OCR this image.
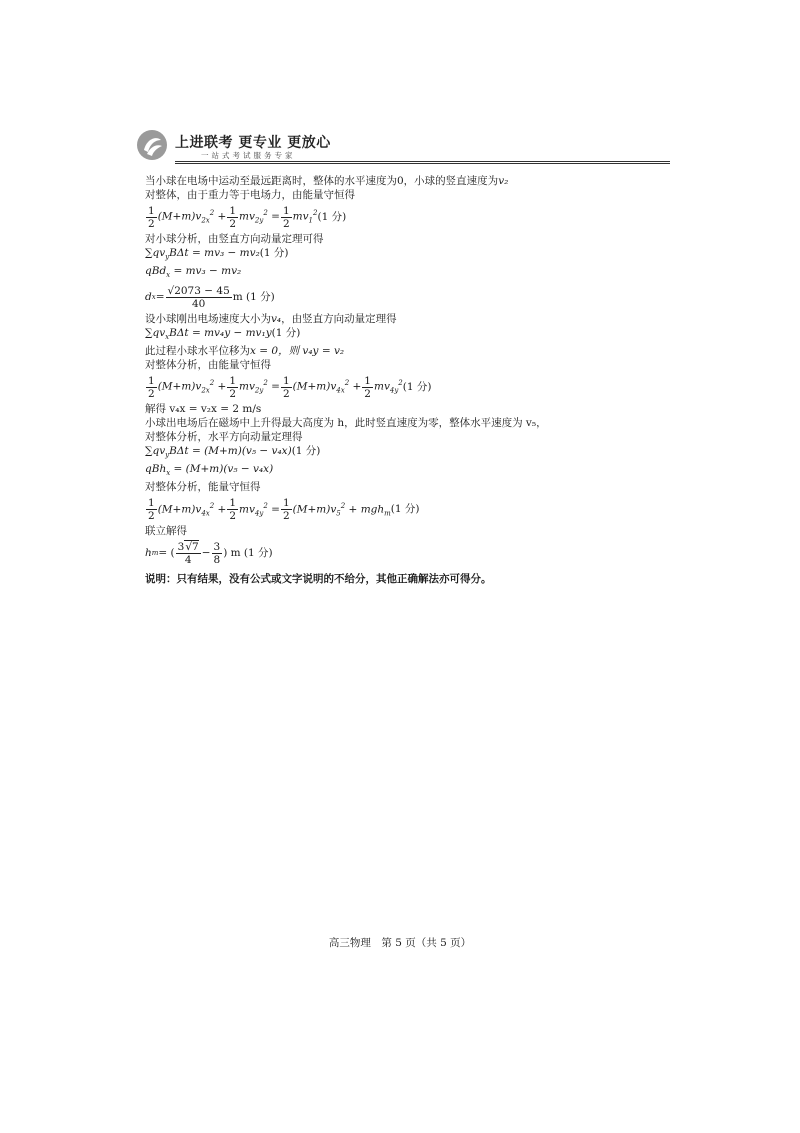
上进联考 更专业 更放心
一站式考试服务专家

当小球在电场中运动至最远距离时，整体的水平速度为0，小球的竖直速度为v₂

对整体，由于重力等于电场力，由能量守恒得

$\frac{1}{2} (M+m)v_{2x}^2 + \frac{1}{2} mv_{2y}^2 = \frac{1}{2} mv_1^2$ (1 分)

对小球分析，由竖直方向动量定理可得

$\sum qv_yB\Delta t = mv_3 - mv_2(1$ 分)

qBd$_x$ = mv₃ − mv₂

d $x = \frac{√2073 - 45}{40}$ m (1 分)

设小球刚出电场速度大小为v₄，由竖直方向动量定理得

$\sum qv_xB\Delta t = mv_4y - mv_1y(1$ 分)

此过程小球水平位移为x = 0，则 v₄y = v₂

对整体分析，由能量守恒得

$\frac{1}{2} (M+m)v_{2x}^2 + \frac{1}{2} mv_{2y}^2 = \frac{1}{2} (M+m)v_{4x}^2 + \frac{1}{2} mv_{4y}^2$ (1 分)

解得 v₄x = v₂x = 2 m/s

小球出电场后在磁场中上升得最大高度为 h，此时竖直速度为零，整体水平速度为 v₅，

对整体分析，水平方向动量定理得

$\sum qv_yB\Delta t = (M+m)(v_5 - v_4x)(1$ 分)

qBh$_x$ = (M+m)(v₅ − v₄x)

对整体分析，能量守恒得

$\frac{1}{2} (M+m)v_{4x}^2 + \frac{1}{2} mv_{4y}^2 = \frac{1}{2} (M+m)v_5^2 + mgh_m$ (1 分)

联立解得

h m = ( $\frac{3√7}{4} - \frac{3}{8}$ ) m (1 分)

说明：只有结果，没有公式或文字说明的不给分，其他正确解法亦可得分。

高三物理　第 5 页（共 5 页）
